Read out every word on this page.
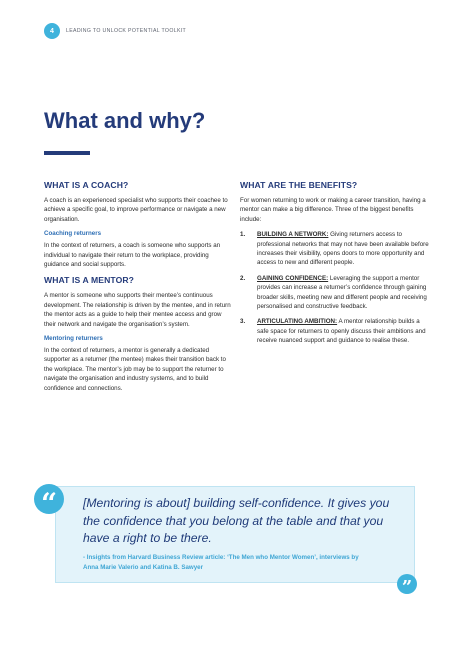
4	LEADING TO UNLOCK POTENTIAL TOOLKIT
What and why?
WHAT IS A COACH?

A coach is an experienced specialist who supports their coachee to achieve a specific goal, to improve performance or navigate a new organisation.

Coaching returners

In the context of returners, a coach is someone who supports an individual to navigate their return to the workplace, providing guidance and social supports.

WHAT IS A MENTOR?

A mentor is someone who supports their mentee’s continuous development. The relationship is driven by the mentee, and in return the mentor acts as a guide to help their mentee access and grow their network and navigate the organisation’s system.

Mentoring returners

In the context of returners, a mentor is generally a dedicated supporter as a returner (the mentee) makes their transition back to the workplace. The mentor’s job may be to support the returner to navigate the organisation and industry systems, and to build confidence and connections.

WHAT ARE THE BENEFITS?

For women returning to work or making a career transition, having a mentor can make a big difference. Three of the biggest benefits include:

1. BUILDING A NETWORK: Giving returners access to professional networks that may not have been available before increases their visibility, opens doors to more opportunity and access to new and different people.
2. GAINING CONFIDENCE: Leveraging the support a mentor provides can increase a returner’s confidence through gaining broader skills, meeting new and different people and receiving personalised and constructive feedback.
3. ARTICULATING AMBITION: A mentor relationship builds a safe space for returners to openly discuss their ambitions and receive nuanced support and guidance to realise these.

[Mentoring is about] building self-confidence. It gives you the confidence that you belong at the table and that you have a right to be there.

- Insights from Harvard Business Review article: ‘The Men who Mentor Women’, interviews by Anna Marie Valerio and Katina B. Sawyer

“
”
